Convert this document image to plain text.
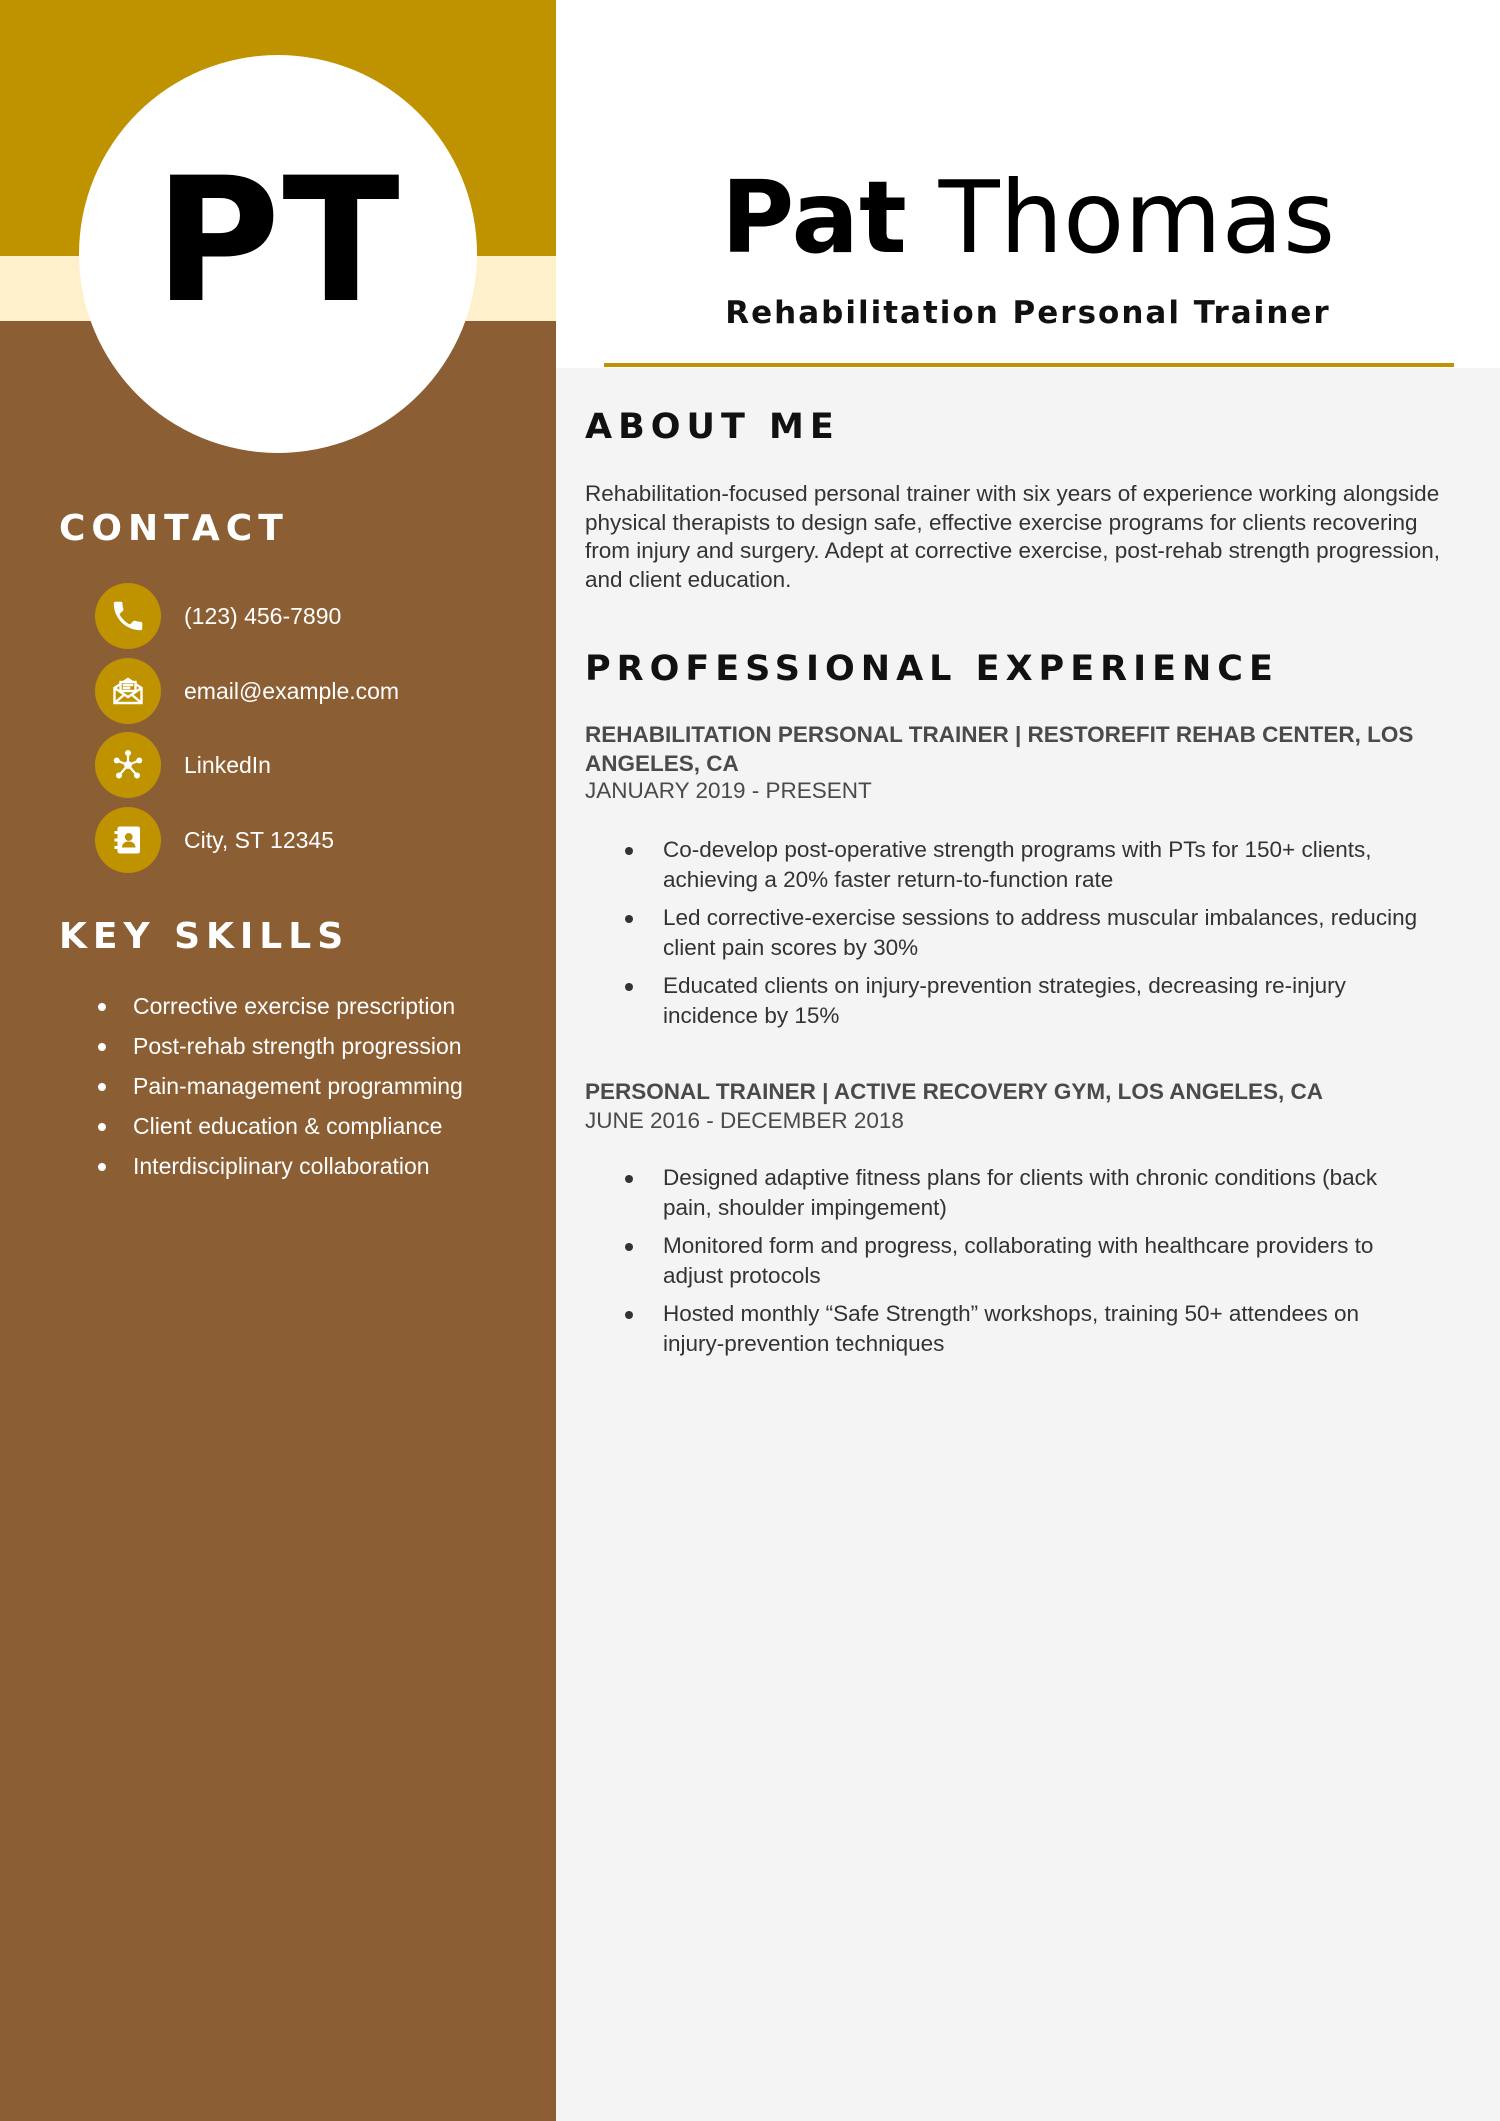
PT
CONTACT
(123) 456-7890
email@example.com
LinkedIn
City, ST 12345
KEY SKILLS
Corrective exercise prescription
Post-rehab strength progression
Pain-management programming
Client education & compliance
Interdisciplinary collaboration
Pat Thomas
Rehabilitation Personal Trainer
ABOUT ME

Rehabilitation-focused personal trainer with six years of experience working alongside physical therapists to design safe, effective exercise programs for clients recovering from injury and surgery. Adept at corrective exercise, post-rehab strength progression, and client education.

PROFESSIONAL EXPERIENCE
REHABILITATION PERSONAL TRAINER | RESTOREFIT REHAB CENTER, LOS ANGELES, CA
JANUARY 2019 - PRESENT
Co-develop post-operative strength programs with PTs for 150+ clients, achieving a 20% faster return-to-function rate
Led corrective-exercise sessions to address muscular imbalances, reducing client pain scores by 30%
Educated clients on injury-prevention strategies, decreasing re-injury incidence by 15%
PERSONAL TRAINER | ACTIVE RECOVERY GYM, LOS ANGELES, CA
JUNE 2016 - DECEMBER 2018
Designed adaptive fitness plans for clients with chronic conditions (back pain, shoulder impingement)
Monitored form and progress, collaborating with healthcare providers to adjust protocols
Hosted monthly “Safe Strength” workshops, training 50+ attendees on injury-prevention techniques
